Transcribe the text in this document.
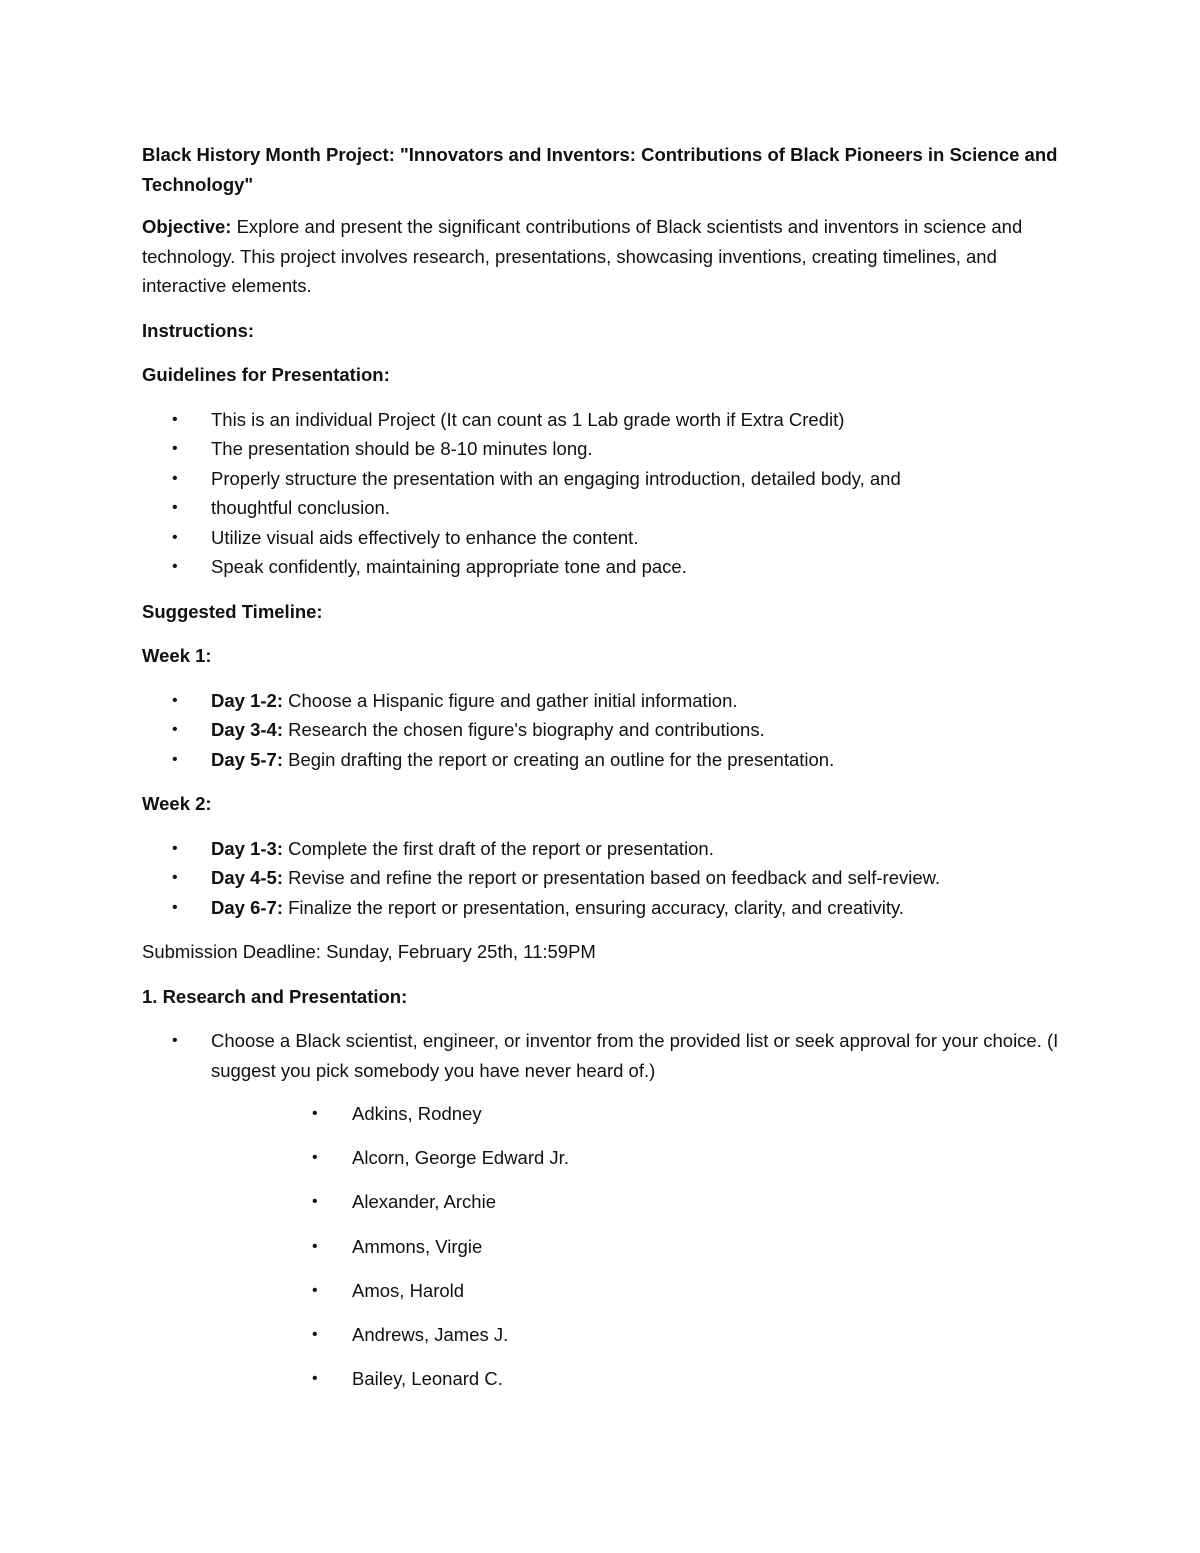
Black History Month Project: "Innovators and Inventors: Contributions of Black Pioneers in Science and Technology"

Objective: Explore and present the significant contributions of Black scientists and inventors in science and technology. This project involves research, presentations, showcasing inventions, creating timelines, and interactive elements.

Instructions:

Guidelines for Presentation:

• This is an individual Project (It can count as 1 Lab grade worth if Extra Credit)
• The presentation should be 8-10 minutes long.
• Properly structure the presentation with an engaging introduction, detailed body, and
• thoughtful conclusion.
• Utilize visual aids effectively to enhance the content.
• Speak confidently, maintaining appropriate tone and pace.

Suggested Timeline:

Week 1:

• Day 1-2: Choose a Hispanic figure and gather initial information.
• Day 3-4: Research the chosen figure's biography and contributions.
• Day 5-7: Begin drafting the report or creating an outline for the presentation.

Week 2:

• Day 1-3: Complete the first draft of the report or presentation.
• Day 4-5: Revise and refine the report or presentation based on feedback and self-review.
• Day 6-7: Finalize the report or presentation, ensuring accuracy, clarity, and creativity.

Submission Deadline: Sunday, February 25th, 11:59PM

1. Research and Presentation:

• Choose a Black scientist, engineer, or inventor from the provided list or seek approval for your choice. (I suggest you pick somebody you have never heard of.)
• Adkins, Rodney
• Alcorn, George Edward Jr.
• Alexander, Archie
• Ammons, Virgie
• Amos, Harold
• Andrews, James J.
• Bailey, Leonard C.
